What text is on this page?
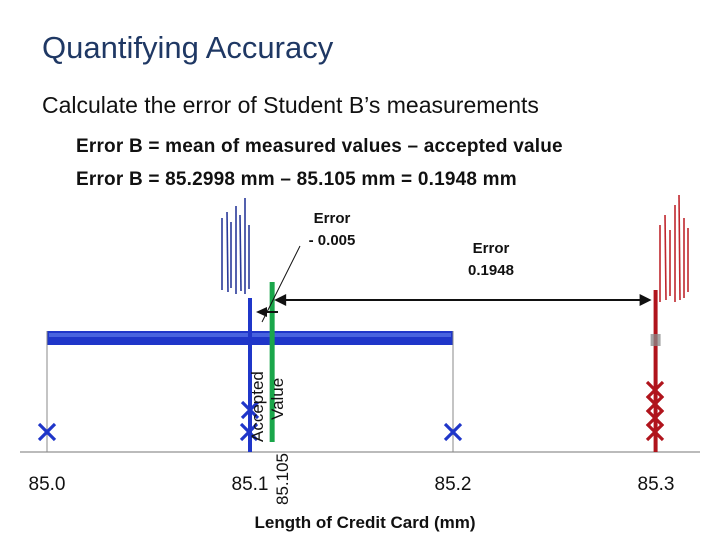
85.0	85.1	85.2	85.3
Length of Credit Card (mm)
Quantifying Accuracy
Calculate the error of Student B’s measurements
Error B = mean of measured values – accepted value
Error B = 85.2998 mm – 85.105 mm = 0.1948 mm
Error
- 0.005	Error
0.1948
Accepted Value
85.105
